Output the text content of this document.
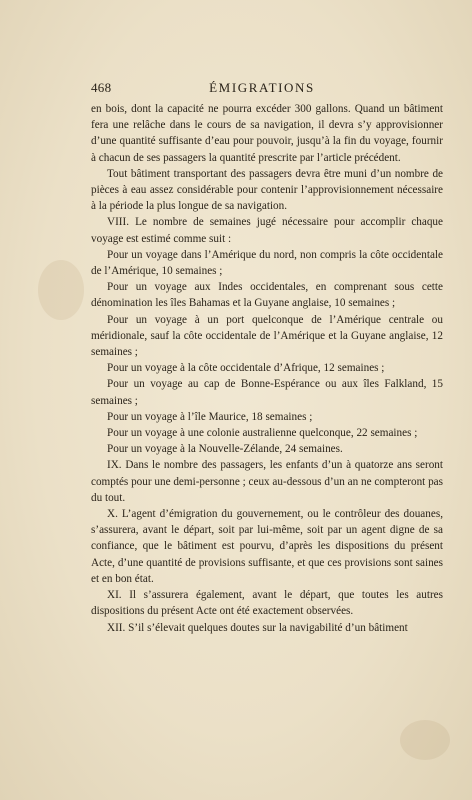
468	ÉMIGRATIONS

en bois, dont la capacité ne pourra excéder 300 gallons. Quand un bâtiment fera une relâche dans le cours de sa navigation, il devra s’y approvisionner d’une quantité suffisante d’eau pour pouvoir, jusqu’à la fin du voyage, fournir à chacun de ses passagers la quantité prescrite par l’article précédent.

Tout bâtiment transportant des passagers devra être muni d’un nombre de pièces à eau assez considérable pour contenir l’approvisionnement nécessaire à la période la plus longue de sa navigation.

VIII. Le nombre de semaines jugé nécessaire pour accomplir chaque voyage est estimé comme suit :

Pour un voyage dans l’Amérique du nord, non compris la côte occidentale de l’Amérique, 10 semaines ;

Pour un voyage aux Indes occidentales, en comprenant sous cette dénomination les îles Bahamas et la Guyane anglaise, 10 semaines ;

Pour un voyage à un port quelconque de l’Amérique centrale ou méridionale, sauf la côte occidentale de l’Amérique et la Guyane anglaise, 12 semaines ;

Pour un voyage à la côte occidentale d’Afrique, 12 semaines ;

Pour un voyage au cap de Bonne-Espérance ou aux îles Falkland, 15 semaines ;

Pour un voyage à l’île Maurice, 18 semaines ;

Pour un voyage à une colonie australienne quelconque, 22 semaines ;

Pour un voyage à la Nouvelle-Zélande, 24 semaines.

IX. Dans le nombre des passagers, les enfants d’un à quatorze ans seront comptés pour une demi-personne ; ceux au-dessous d’un an ne compteront pas du tout.

X. L’agent d’émigration du gouvernement, ou le contrôleur des douanes, s’assurera, avant le départ, soit par lui-même, soit par un agent digne de sa confiance, que le bâtiment est pourvu, d’après les dispositions du présent Acte, d’une quantité de provisions suffisante, et que ces provisions sont saines et en bon état.

XI. Il s’assurera également, avant le départ, que toutes les autres dispositions du présent Acte ont été exactement observées.

XII. S’il s’élevait quelques doutes sur la navigabilité d’un bâtiment
